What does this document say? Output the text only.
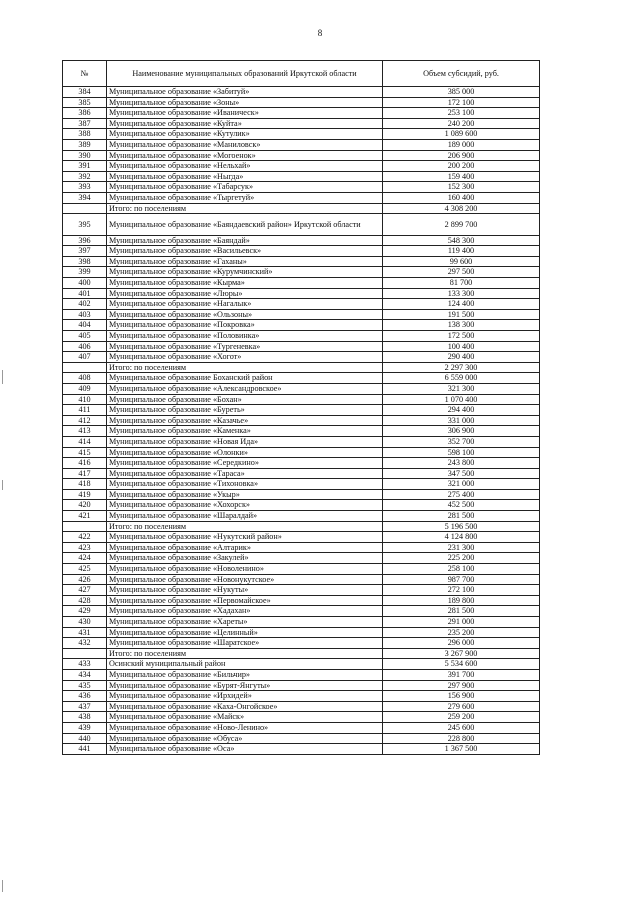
8
№	Наименование муниципальных образований Иркутской области	Объем субсидий, руб.
384	Муниципальное образование «Забитуй»	385 000
385	Муниципальное образование «Зоны»	172 100
386	Муниципальное образование «Иваническ»	253 100
387	Муниципальное образование «Куйта»	240 200
388	Муниципальное образование «Кутулик»	1 089 600
389	Муниципальное образование «Маниловск»	189 000
390	Муниципальное образование «Могоенок»	206 900
391	Муниципальное образование «Нельхай»	200 200
392	Муниципальное образование «Ныгда»	159 400
393	Муниципальное образование «Табарсук»	152 300
394	Муниципальное образование «Тыргетуй»	160 400
	Итого: по поселениям	4 308 200
395	Муниципальное образование «Баяндаевский район» Иркутской области	2 899 700
396	Муниципальное образование «Баяндай»	548 300
397	Муниципальное образование «Васильевск»	119 400
398	Муниципальное образование «Гаханы»	99 600
399	Муниципальное образование «Курумчинский»	297 500
400	Муниципальное образование «Кырма»	81 700
401	Муниципальное образование «Люры»	133 300
402	Муниципальное образование «Нагалык»	124 400
403	Муниципальное образование «Ользоны»	191 500
404	Муниципальное образование «Покровка»	138 300
405	Муниципальное образование «Половинка»	172 500
406	Муниципальное образование «Тургеневка»	100 400
407	Муниципальное образование «Хогот»	290 400
	Итого: по поселениям	2 297 300
408	Муниципальное образование Боханский район	6 559 000
409	Муниципальное образование «Александровское»	321 300
410	Муниципальное образование «Бохан»	1 070 400
411	Муниципальное образование «Буреть»	294 400
412	Муниципальное образование «Казачье»	331 000
413	Муниципальное образование «Каменка»	306 900
414	Муниципальное образование «Новая Ида»	352 700
415	Муниципальное образование «Олонки»	598 100
416	Муниципальное образование «Середкино»	243 800
417	Муниципальное образование «Тараса»	347 500
418	Муниципальное образование «Тихоновка»	321 000
419	Муниципальное образование «Укыр»	275 400
420	Муниципальное образование «Хохорск»	452 500
421	Муниципальное образование «Шаралдай»	281 500
	Итого: по поселениям	5 196 500
422	Муниципальное образование «Нукутский район»	4 124 800
423	Муниципальное образование «Алтарик»	231 300
424	Муниципальное образование «Закулей»	225 200
425	Муниципальное образование «Новоленино»	258 100
426	Муниципальное образование «Новонукутское»	987 700
427	Муниципальное образование «Нукуты»	272 100
428	Муниципальное образование «Первомайское»	189 800
429	Муниципальное образование «Хадахан»	281 500
430	Муниципальное образование «Хареты»	291 000
431	Муниципальное образование «Целинный»	235 200
432	Муниципальное образование «Шаратское»	296 000
	Итого: по поселениям	3 267 900
433	Осинский муниципальный район	5 534 600
434	Муниципальное образование «Бильчир»	391 700
435	Муниципальное образование «Бурят-Янгуты»	297 900
436	Муниципальное образование «Ирхидей»	156 900
437	Муниципальное образование «Каха-Онгойское»	279 600
438	Муниципальное образование «Майск»	259 200
439	Муниципальное образование «Ново-Ленино»	245 600
440	Муниципальное образование «Обуса»	228 800
441	Муниципальное образование «Оса»	1 367 500
